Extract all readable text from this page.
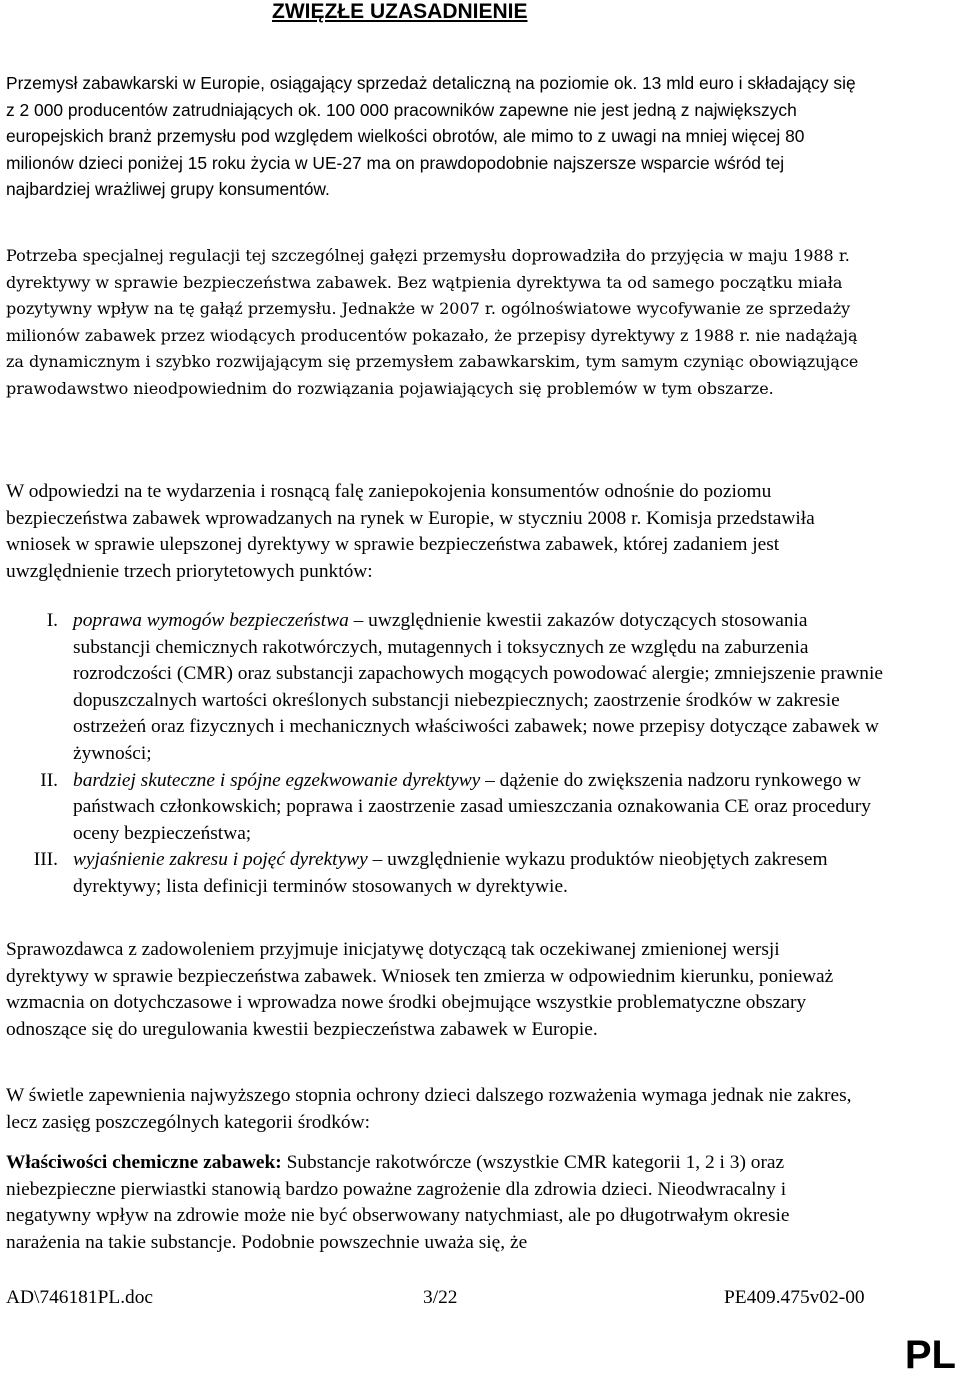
ZWIĘZŁE UZASADNIENIE

Przemysł zabawkarski w Europie, osiągający sprzedaż detaliczną na poziomie ok. 13 mld euro i składający się z 2 000 producentów zatrudniających ok. 100 000 pracowników zapewne nie jest jedną z największych europejskich branż przemysłu pod względem wielkości obrotów, ale mimo to z uwagi na mniej więcej 80 milionów dzieci poniżej 15 roku życia w UE-27 ma on prawdopodobnie najszersze wsparcie wśród tej najbardziej wrażliwej grupy konsumentów.

Potrzeba specjalnej regulacji tej szczególnej gałęzi przemysłu doprowadziła do przyjęcia w maju 1988 r. dyrektywy w sprawie bezpieczeństwa zabawek. Bez wątpienia dyrektywa ta od samego początku miała pozytywny wpływ na tę gałąź przemysłu. Jednakże w 2007 r. ogólnoświatowe wycofywanie ze sprzedaży milionów zabawek przez wiodących producentów pokazało, że przepisy dyrektywy z 1988 r. nie nadążają za dynamicznym i szybko rozwijającym się przemysłem zabawkarskim, tym samym czyniąc obowiązujące prawodawstwo nieodpowiednim do rozwiązania pojawiających się problemów w tym obszarze.

W odpowiedzi na te wydarzenia i rosnącą falę zaniepokojenia konsumentów odnośnie do poziomu bezpieczeństwa zabawek wprowadzanych na rynek w Europie, w styczniu 2008 r. Komisja przedstawiła wniosek w sprawie ulepszonej dyrektywy w sprawie bezpieczeństwa zabawek, której zadaniem jest uwzględnienie trzech priorytetowych punktów:

I. poprawa wymogów bezpieczeństwa – uwzględnienie kwestii zakazów dotyczących stosowania substancji chemicznych rakotwórczych, mutagennych i toksycznych ze względu na zaburzenia rozrodczości (CMR) oraz substancji zapachowych mogących powodować alergie; zmniejszenie prawnie dopuszczalnych wartości określonych substancji niebezpiecznych; zaostrzenie środków w zakresie ostrzeżeń oraz fizycznych i mechanicznych właściwości zabawek; nowe przepisy dotyczące zabawek w żywności;
II. bardziej skuteczne i spójne egzekwowanie dyrektywy – dążenie do zwiększenia nadzoru rynkowego w państwach członkowskich; poprawa i zaostrzenie zasad umieszczania oznakowania CE oraz procedury oceny bezpieczeństwa;
III. wyjaśnienie zakresu i pojęć dyrektywy – uwzględnienie wykazu produktów nieobjętych zakresem dyrektywy; lista definicji terminów stosowanych w dyrektywie.

Sprawozdawca z zadowoleniem przyjmuje inicjatywę dotyczącą tak oczekiwanej zmienionej wersji dyrektywy w sprawie bezpieczeństwa zabawek. Wniosek ten zmierza w odpowiednim kierunku, ponieważ wzmacnia on dotychczasowe i wprowadza nowe środki obejmujące wszystkie problematyczne obszary odnoszące się do uregulowania kwestii bezpieczeństwa zabawek w Europie.

W świetle zapewnienia najwyższego stopnia ochrony dzieci dalszego rozważenia wymaga jednak nie zakres, lecz zasięg poszczególnych kategorii środków:

Właściwości chemiczne zabawek: Substancje rakotwórcze (wszystkie CMR kategorii 1, 2 i 3) oraz niebezpieczne pierwiastki stanowią bardzo poważne zagrożenie dla zdrowia dzieci. Nieodwracalny i negatywny wpływ na zdrowie może nie być obserwowany natychmiast, ale po długotrwałym okresie narażenia na takie substancje. Podobnie powszechnie uważa się, że

AD\746181PL.doc	3/22	PE409.475v02-00
PL
